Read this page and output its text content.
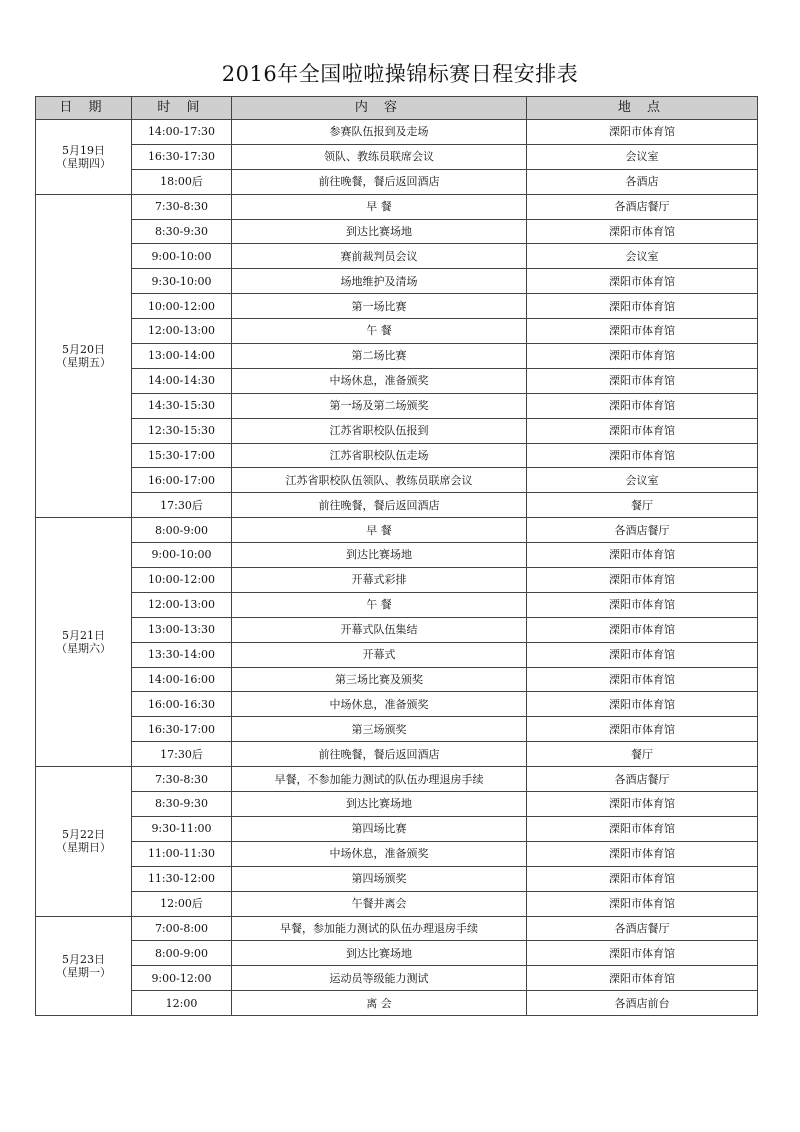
2016年全国啦啦操锦标赛日程安排表
日 期	时 间	内 容	地 点

5月19日
（星期四）	14:00-17:30	参赛队伍报到及走场	溧阳市体育馆
	16:30-17:30	领队、教练员联席会议	会议室
	18:00后	前往晚餐，餐后返回酒店	各酒店

5月20日
（星期五）	7:30-8:30	早 餐	各酒店餐厅
	8:30-9:30	到达比赛场地	溧阳市体育馆
	9:00-10:00	赛前裁判员会议	会议室
	9:30-10:00	场地维护及清场	溧阳市体育馆
	10:00-12:00	第一场比赛	溧阳市体育馆
	12:00-13:00	午 餐	溧阳市体育馆
	13:00-14:00	第二场比赛	溧阳市体育馆
	14:00-14:30	中场休息，准备颁奖	溧阳市体育馆
	14:30-15:30	第一场及第二场颁奖	溧阳市体育馆
	12:30-15:30	江苏省职校队伍报到	溧阳市体育馆
	15:30-17:00	江苏省职校队伍走场	溧阳市体育馆
	16:00-17:00	江苏省职校队伍领队、教练员联席会议	会议室
	17:30后	前往晚餐，餐后返回酒店	餐厅

5月21日
（星期六）	8:00-9:00	早 餐	各酒店餐厅
	9:00-10:00	到达比赛场地	溧阳市体育馆
	10:00-12:00	开幕式彩排	溧阳市体育馆
	12:00-13:00	午 餐	溧阳市体育馆
	13:00-13:30	开幕式队伍集结	溧阳市体育馆
	13:30-14:00	开幕式	溧阳市体育馆
	14:00-16:00	第三场比赛及颁奖	溧阳市体育馆
	16:00-16:30	中场休息，准备颁奖	溧阳市体育馆
	16:30-17:00	第三场颁奖	溧阳市体育馆
	17:30后	前往晚餐，餐后返回酒店	餐厅

5月22日
（星期日）	7:30-8:30	早餐，不参加能力测试的队伍办理退房手续	各酒店餐厅
	8:30-9:30	到达比赛场地	溧阳市体育馆
	9:30-11:00	第四场比赛	溧阳市体育馆
	11:00-11:30	中场休息，准备颁奖	溧阳市体育馆
	11:30-12:00	第四场颁奖	溧阳市体育馆
	12:00后	午餐并离会	溧阳市体育馆

5月23日
（星期一）	7:00-8:00	早餐，参加能力测试的队伍办理退房手续	各酒店餐厅
	8:00-9:00	到达比赛场地	溧阳市体育馆
	9:00-12:00	运动员等级能力测试	溧阳市体育馆
	12:00	离 会	各酒店前台
